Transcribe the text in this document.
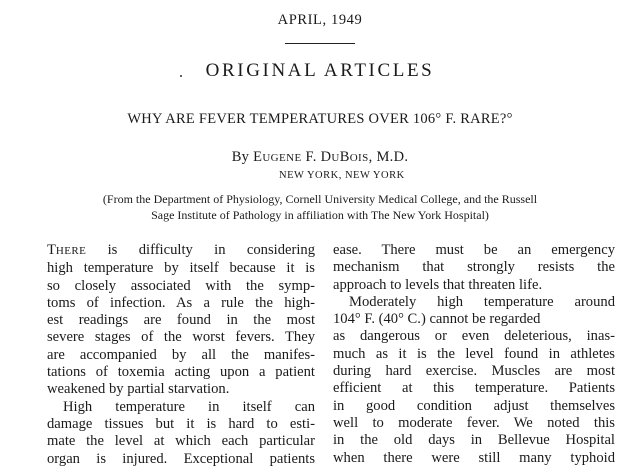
APRIL, 1949
ORIGINAL ARTICLES
WHY ARE FEVER TEMPERATURES OVER 106° F. RARE?°
By EUGENE F. DUBOIS, M.D.
NEW YORK, NEW YORK
(From the Department of Physiology, Cornell University Medical College, and the Russell
Sage Institute of Pathology in affiliation with The New York Hospital)
THERE is difficulty in considering
high temperature by itself because it is
so closely associated with the symp-
toms of infection. As a rule the high-
est readings are found in the most
severe stages of the worst fevers. They
are accompanied by all the manifes-
tations of toxemia acting upon a patient
weakened by partial starvation.
High temperature in itself can
damage tissues but it is hard to esti-
mate the level at which each particular
organ is injured. Exceptional patients
ease. There must be an emergency
mechanism that strongly resists the
approach to levels that threaten life.
Moderately high temperature around
104° F. (40° C.) cannot be regarded
as dangerous or even deleterious, inas-
much as it is the level found in athletes
during hard exercise. Muscles are most
efficient at this temperature. Patients
in good condition adjust themselves
well to moderate fever. We noted this
in the old days in Bellevue Hospital
when there were still many typhoid
